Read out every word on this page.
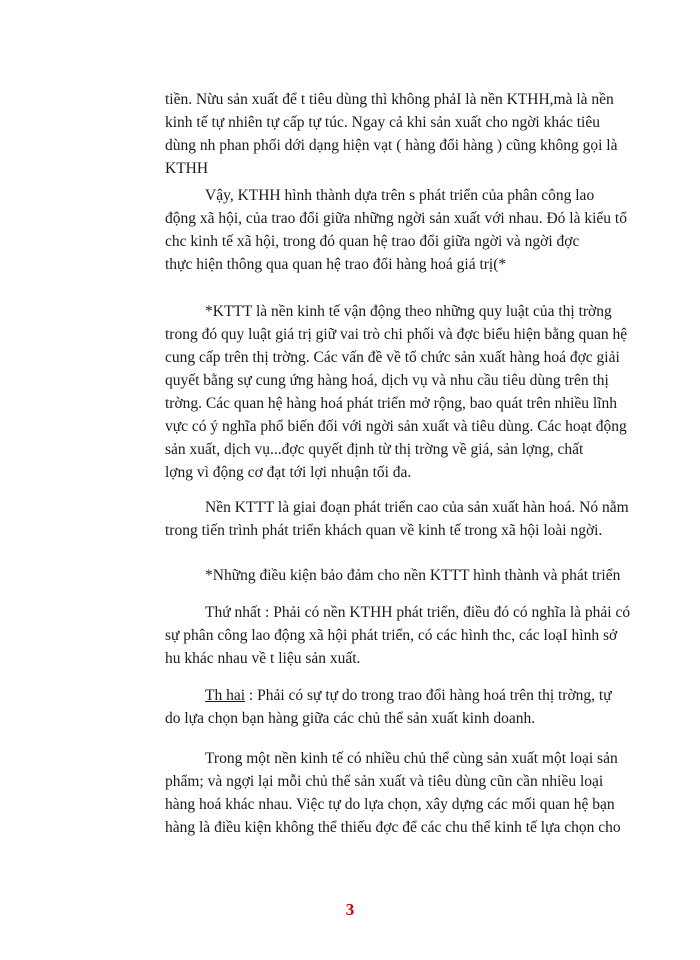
tiền. Nừu sản xuất để t tiêu dùng thì không phảI là nền KTHH,mà là nền
kinh tế tự nhiên tự cấp tự túc. Ngay cả khi sản xuất cho ngời khác tiêu
dùng nh phan phối dới dạng hiện vạt ( hàng đổi hàng ) cũng không gọi là
KTHH
Vậy, KTHH hình thành dựa trên s phát triển của phân công lao
động xã hội, của trao đổi giữa những ngời sản xuất với nhau. Đó là kiểu tổ
chc kinh tế xã hội, trong đó quan hệ trao đổi giữa ngời và ngời đợc
thực hiện thông qua quan hệ trao đổi hàng hoá giá trị(*
*KTTT là nền kinh tế vận động theo những quy luật của thị trờng
trong đó quy luật giá trị giữ vai trò chi phối và đợc biểu hiện bằng quan hệ
cung cấp trên thị trờng. Các vấn đề về tổ chức sản xuất hàng hoá đợc giải
quyết bằng sự cung ứng hàng hoá, dịch vụ và nhu cầu tiêu dùng trên thị
trờng. Các quan hệ hàng hoá phát triển mở rộng, bao quát trên nhiều lĩnh
vực có ý nghĩa phổ biến đối với ngời sản xuất và tiêu dùng. Các hoạt động
sản xuất, dịch vụ...đợc quyết định từ thị trờng về giá, sản lợng, chất
lợng vì động cơ đạt tới lợi nhuận tối đa.
Nền KTTT là giai đoạn phát triển cao của sản xuất hàn hoá. Nó nằm
trong tiến trình phát triển khách quan về kinh tế trong xã hội loài ngời.
*Những điều kiện bảo đảm cho nền KTTT hình thành và phát triển
Thứ nhất : Phải có nền KTHH phát triển, điều đó có nghĩa là phải có
sự phân công lao động xã hội phát triển, có các hình thc, các loạI hình sở
hu khác nhau về t liệu sản xuất.
Th hai : Phải có sự tự do trong trao đổi hàng hoá trên thị trờng, tự
do lựa chọn bạn hàng giữa các chủ thể sản xuất kinh doanh.
Trong một nền kinh tế có nhiều chủ thể cùng sản xuất một loại sản
phẩm; và ngợi lại mỗi chủ thể sản xuất và tiêu dùng cũn cần nhiều loại
hàng hoá khác nhau. Việc tự do lựa chọn, xây dựng các mối quan hệ bạn
hàng là điều kiện không thể thiếu đợc để các chu thể kinh tế lựa chọn cho
3
